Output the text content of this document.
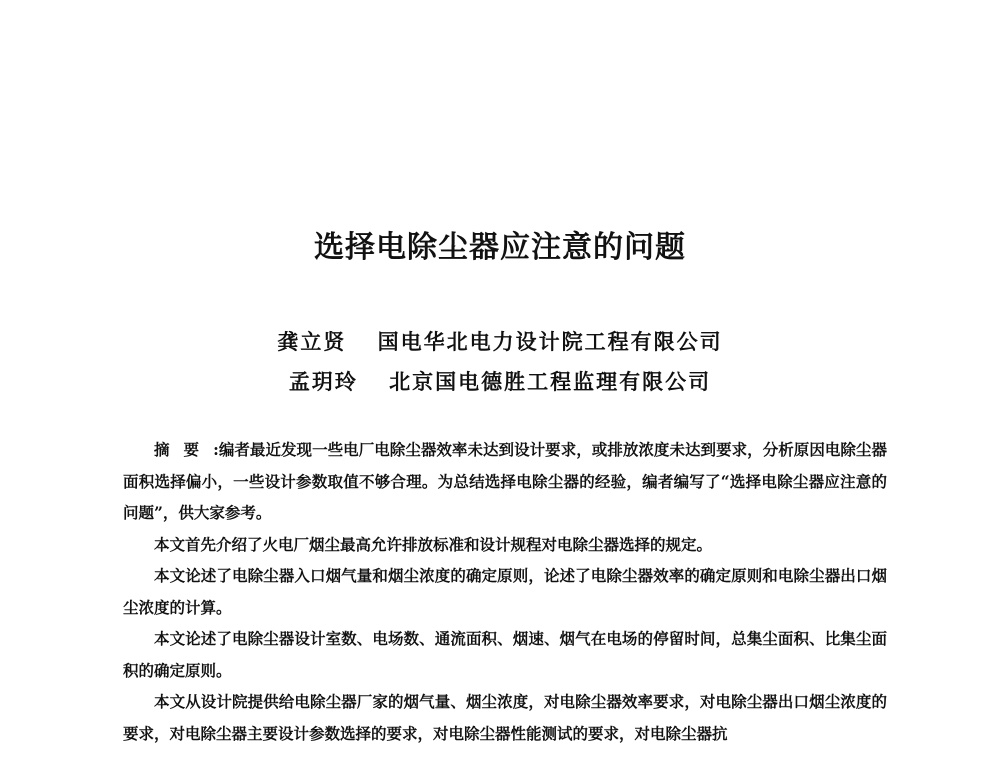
选择电除尘器应注意的问题
龚立贤 国电华北电力设计院工程有限公司
孟玥玲 北京国电德胜工程监理有限公司

摘要:编者最近发现一些电厂电除尘器效率未达到设计要求，或排放浓度未达到要求，分析原因电除尘器面积选择偏小，一些设计参数取值不够合理。为总结选择电除尘器的经验，编者编写了“选择电除尘器应注意的问题”，供大家参考。

本文首先介绍了火电厂烟尘最高允许排放标准和设计规程对电除尘器选择的规定。

本文论述了电除尘器入口烟气量和烟尘浓度的确定原则，论述了电除尘器效率的确定原则和电除尘器出口烟尘浓度的计算。

本文论述了电除尘器设计室数、电场数、通流面积、烟速、烟气在电场的停留时间，总集尘面积、比集尘面积的确定原则。

本文从设计院提供给电除尘器厂家的烟气量、烟尘浓度，对电除尘器效率要求，对电除尘器出口烟尘浓度的要求，对电除尘器主要设计参数选择的要求，对电除尘器性能测试的要求，对电除尘器抗
